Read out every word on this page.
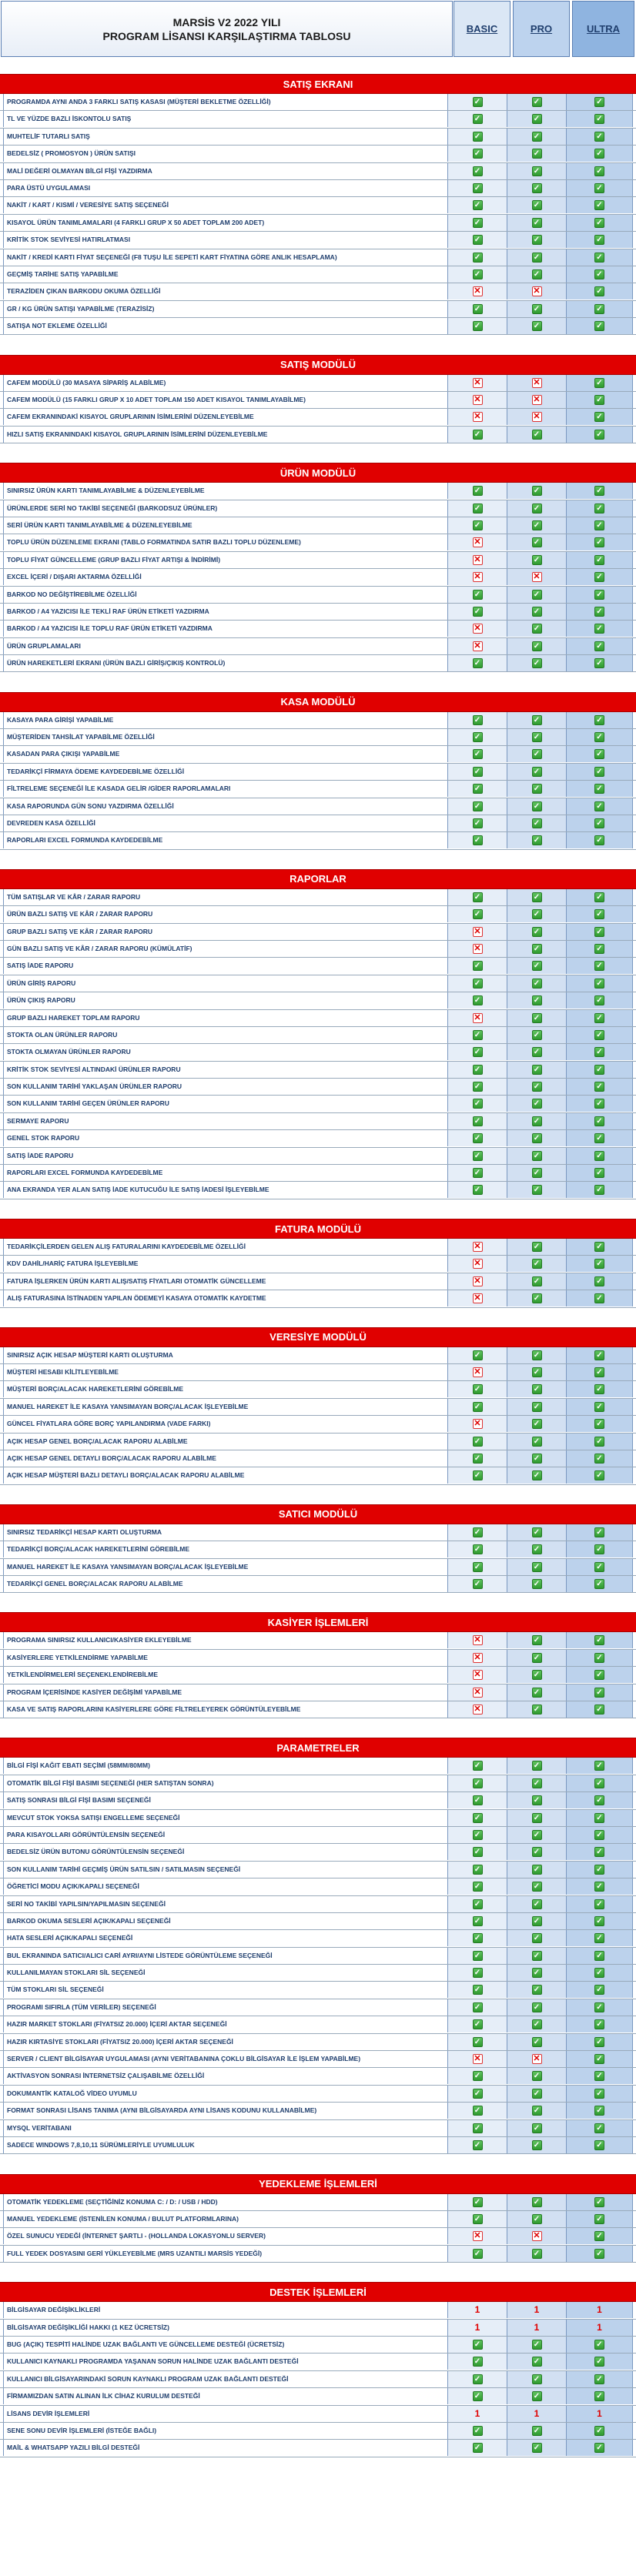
MARSİS V2 2022 YILI
PROGRAM LİSANSI KARŞILAŞTIRMA TABLOSU
BASIC	PRO	ULTRA
SATIŞ EKRANI
PROGRAMDA AYNI ANDA 3 FARKLI SATIŞ KASASI (MÜŞTERİ BEKLETME ÖZELLİĞİ)	✓	✓	✓
TL VE YÜZDE BAZLI İSKONTOLU SATIŞ	✓	✓	✓
MUHTELİF TUTARLI SATIŞ	✓	✓	✓
BEDELSİZ ( PROMOSYON ) ÜRÜN SATIŞI	✓	✓	✓
MALİ DEĞERİ OLMAYAN BİLGİ FİŞİ YAZDIRMA	✓	✓	✓
PARA ÜSTÜ UYGULAMASI	✓	✓	✓
NAKİT / KART / KISMİ / VERESİYE SATIŞ SEÇENEĞİ	✓	✓	✓
KISAYOL ÜRÜN TANIMLAMALARI (4 FARKLI GRUP X 50 ADET TOPLAM 200 ADET)	✓	✓	✓
KRİTİK STOK SEVİYESİ HATIRLATMASI	✓	✓	✓
NAKİT / KREDİ KARTI FİYAT SEÇENEĞİ (F8 TUŞU İLE SEPETİ KART FİYATINA GÖRE ANLIK HESAPLAMA)	✓	✓	✓
GEÇMİŞ TARİHE SATIŞ YAPABİLME	✓	✓	✓
TERAZİDEN ÇIKAN BARKODU OKUMA ÖZELLİĞİ	✕	✕	✓
GR / KG ÜRÜN SATIŞI YAPABİLME (TERAZİSİZ)	✓	✓	✓
SATIŞA NOT EKLEME ÖZELLİĞİ	✓	✓	✓
SATIŞ MODÜLÜ
CAFEM MODÜLÜ (30 MASAYA SİPARİŞ ALABİLME)	✕	✕	✓
CAFEM MODÜLÜ (15 FARKLI GRUP X 10 ADET TOPLAM 150 ADET KISAYOL TANIMLAYABİLME)	✕	✕	✓
CAFEM EKRANINDAKİ KISAYOL GRUPLARININ İSİMLERİNİ DÜZENLEYEBİLME	✕	✕	✓
HIZLI SATIŞ EKRANINDAKİ KISAYOL GRUPLARININ İSİMLERİNİ DÜZENLEYEBİLME	✓	✓	✓
ÜRÜN MODÜLÜ
SINIRSIZ ÜRÜN KARTI TANIMLAYABİLME & DÜZENLEYEBİLME	✓	✓	✓
ÜRÜNLERDE SERİ NO TAKİBİ SEÇENEĞİ (BARKODSUZ ÜRÜNLER)	✓	✓	✓
SERİ ÜRÜN KARTI TANIMLAYABİLME & DÜZENLEYEBİLME	✓	✓	✓
TOPLU ÜRÜN DÜZENLEME EKRANI (TABLO FORMATINDA SATIR BAZLI TOPLU DÜZENLEME)	✕	✓	✓
TOPLU FİYAT GÜNCELLEME (GRUP BAZLI FİYAT ARTIŞI & İNDİRİMİ)	✕	✓	✓
EXCEL İÇERİ / DIŞARI AKTARMA ÖZELLİĞİ	✕	✕	✓
BARKOD NO DEĞİŞTİREBİLME ÖZELLİĞİ	✓	✓	✓
BARKOD / A4 YAZICISI İLE TEKLİ RAF ÜRÜN ETİKETİ YAZDIRMA	✓	✓	✓
BARKOD / A4 YAZICISI İLE TOPLU RAF ÜRÜN ETİKETİ YAZDIRMA	✕	✓	✓
ÜRÜN GRUPLAMALARI	✕	✓	✓
ÜRÜN HAREKETLERİ EKRANI (ÜRÜN BAZLI GİRİŞ/ÇIKIŞ KONTROLÜ)	✓	✓	✓
KASA MODÜLÜ
KASAYA PARA GİRİŞİ YAPABİLME	✓	✓	✓
MÜŞTERİDEN TAHSİLAT YAPABİLME ÖZELLİĞİ	✓	✓	✓
KASADAN PARA ÇIKIŞI YAPABİLME	✓	✓	✓
TEDARİKÇİ FİRMAYA ÖDEME KAYDEDEBİLME ÖZELLİĞİ	✓	✓	✓
FİLTRELEME SEÇENEĞİ İLE KASADA GELİR /GİDER RAPORLAMALARI	✓	✓	✓
KASA RAPORUNDA GÜN SONU YAZDIRMA ÖZELLİĞİ	✓	✓	✓
DEVREDEN KASA ÖZELLİĞİ	✓	✓	✓
RAPORLARI EXCEL FORMUNDA KAYDEDEBİLME	✓	✓	✓
RAPORLAR
TÜM SATIŞLAR VE KÂR / ZARAR RAPORU	✓	✓	✓
ÜRÜN BAZLI SATIŞ VE KÂR / ZARAR RAPORU	✓	✓	✓
GRUP BAZLI SATIŞ VE KÂR / ZARAR RAPORU	✕	✓	✓
GÜN BAZLI SATIŞ VE KÂR / ZARAR RAPORU (KÜMÜLATİF)	✕	✓	✓
SATIŞ İADE RAPORU	✓	✓	✓
ÜRÜN GİRİŞ RAPORU	✓	✓	✓
ÜRÜN ÇIKIŞ RAPORU	✓	✓	✓
GRUP BAZLI HAREKET TOPLAM RAPORU	✕	✓	✓
STOKTA OLAN ÜRÜNLER RAPORU	✓	✓	✓
STOKTA OLMAYAN ÜRÜNLER RAPORU	✓	✓	✓
KRİTİK STOK SEVİYESİ ALTINDAKİ ÜRÜNLER RAPORU	✓	✓	✓
SON KULLANIM TARİHİ YAKLAŞAN ÜRÜNLER RAPORU	✓	✓	✓
SON KULLANIM TARİHİ GEÇEN ÜRÜNLER RAPORU	✓	✓	✓
SERMAYE RAPORU	✓	✓	✓
GENEL STOK RAPORU	✓	✓	✓
SATIŞ İADE RAPORU	✓	✓	✓
RAPORLARI EXCEL FORMUNDA KAYDEDEBİLME	✓	✓	✓
ANA EKRANDA YER ALAN SATIŞ İADE KUTUCUĞU İLE SATIŞ İADESİ İŞLEYEBİLME	✓	✓	✓
FATURA MODÜLÜ
TEDARİKÇİLERDEN GELEN ALIŞ FATURALARINI KAYDEDEBİLME ÖZELLİĞİ	✕	✓	✓
KDV DAHİL/HARİÇ FATURA İŞLEYEBİLME	✕	✓	✓
FATURA İŞLERKEN ÜRÜN KARTI ALIŞ/SATIŞ FİYATLARI OTOMATİK GÜNCELLEME	✕	✓	✓
ALIŞ FATURASINA İSTİNADEN YAPILAN ÖDEMEYİ KASAYA OTOMATİK KAYDETME	✕	✓	✓
VERESİYE MODÜLÜ
SINIRSIZ AÇIK HESAP MÜŞTERİ KARTI OLUŞTURMA	✓	✓	✓
MÜŞTERİ HESABI KİLİTLEYEBİLME	✕	✓	✓
MÜŞTERİ BORÇ/ALACAK HAREKETLERİNİ GÖREBİLME	✓	✓	✓
MANUEL HAREKET İLE KASAYA YANSIMAYAN BORÇ/ALACAK İŞLEYEBİLME	✓	✓	✓
GÜNCEL FİYATLARA GÖRE BORÇ YAPILANDIRMA (VADE FARKI)	✕	✓	✓
AÇIK HESAP GENEL BORÇ/ALACAK RAPORU ALABİLME	✓	✓	✓
AÇIK HESAP GENEL DETAYLI BORÇ/ALACAK RAPORU ALABİLME	✓	✓	✓
AÇIK HESAP MÜŞTERİ BAZLI DETAYLI BORÇ/ALACAK RAPORU ALABİLME	✓	✓	✓
SATICI MODÜLÜ
SINIRSIZ TEDARİKÇİ HESAP KARTI OLUŞTURMA	✓	✓	✓
TEDARİKÇİ BORÇ/ALACAK HAREKETLERİNİ GÖREBİLME	✓	✓	✓
MANUEL HAREKET İLE KASAYA YANSIMAYAN BORÇ/ALACAK İŞLEYEBİLME	✓	✓	✓
TEDARİKÇİ GENEL BORÇ/ALACAK RAPORU ALABİLME	✓	✓	✓
KASİYER İŞLEMLERİ
PROGRAMA SINIRSIZ KULLANICI/KASİYER EKLEYEBİLME	✕	✓	✓
KASİYERLERE YETKİLENDİRME YAPABİLME	✕	✓	✓
YETKİLENDİRMELERİ SEÇENEKLENDİREBİLME	✕	✓	✓
PROGRAM İÇERİSİNDE KASİYER DEĞİŞİMİ YAPABİLME	✕	✓	✓
KASA VE SATIŞ RAPORLARINI KASİYERLERE GÖRE FİLTRELEYEREK GÖRÜNTÜLEYEBİLME	✕	✓	✓
PARAMETRELER
BİLGİ FİŞİ KAĞIT EBATI SEÇİMİ (58MM/80MM)	✓	✓	✓
OTOMATİK BİLGİ FİŞİ BASIMI SEÇENEĞİ (HER SATIŞTAN SONRA)	✓	✓	✓
SATIŞ SONRASI BİLGİ FİŞİ BASIMI SEÇENEĞİ	✓	✓	✓
MEVCUT STOK YOKSA SATIŞI ENGELLEME SEÇENEĞİ	✓	✓	✓
PARA KISAYOLLARI GÖRÜNTÜLENSİN SEÇENEĞİ	✓	✓	✓
BEDELSİZ ÜRÜN BUTONU GÖRÜNTÜLENSİN SEÇENEĞİ	✓	✓	✓
SON KULLANIM TARİHİ GEÇMİŞ ÜRÜN SATILSIN / SATILMASIN SEÇENEĞİ	✓	✓	✓
ÖĞRETİCİ MODU AÇIK/KAPALI SEÇENEĞİ	✓	✓	✓
SERİ NO TAKİBİ YAPILSIN/YAPILMASIN SEÇENEĞİ	✓	✓	✓
BARKOD OKUMA SESLERİ AÇIK/KAPALI SEÇENEĞİ	✓	✓	✓
HATA SESLERİ AÇIK/KAPALI SEÇENEĞİ	✓	✓	✓
BUL EKRANINDA SATICI/ALICI CARİ AYRI/AYNI LİSTEDE GÖRÜNTÜLEME SEÇENEĞİ	✓	✓	✓
KULLANILMAYAN STOKLARI SİL SEÇENEĞİ	✓	✓	✓
TÜM STOKLARI SİL SEÇENEĞİ	✓	✓	✓
PROGRAMI SIFIRLA (TÜM VERİLER) SEÇENEĞİ	✓	✓	✓
HAZIR MARKET STOKLARI (FİYATSIZ 20.000) İÇERİ AKTAR SEÇENEĞİ	✓	✓	✓
HAZIR KIRTASİYE STOKLARI (FİYATSIZ 20.000) İÇERİ AKTAR SEÇENEĞİ	✓	✓	✓
SERVER / CLIENT BİLGİSAYAR UYGULAMASI (AYNI VERİTABANINA ÇOKLU BİLGİSAYAR İLE İŞLEM YAPABİLME)	✕	✕	✓
AKTİVASYON SONRASI İNTERNETSİZ ÇALIŞABİLME ÖZELLİĞİ	✓	✓	✓
DOKUMANTİK KATALOĞ VİDEO UYUMLU	✓	✓	✓
FORMAT SONRASI LİSANS TANIMA (AYNI BİLGİSAYARDA AYNI LİSANS KODUNU KULLANABİLME)	✓	✓	✓
MYSQL VERİTABANI	✓	✓	✓
SADECE WINDOWS 7,8,10,11 SÜRÜMLERİYLE UYUMLULUK	✓	✓	✓
YEDEKLEME İŞLEMLERİ
OTOMATİK YEDEKLEME (SEÇTİĞİNİZ KONUMA C: / D: / USB / HDD)	✓	✓	✓
MANUEL YEDEKLEME (İSTENİLEN KONUMA / BULUT PLATFORMLARINA)	✓	✓	✓
ÖZEL SUNUCU YEDEĞİ (İNTERNET ŞARTLI - (HOLLANDA LOKASYONLU SERVER)	✕	✕	✓
FULL YEDEK DOSYASINI GERİ YÜKLEYEBİLME (MRS UZANTILI MARSİS YEDEĞİ)	✓	✓	✓
DESTEK İŞLEMLERİ
BİLGİSAYAR DEĞİŞİKLİKLERİ	1	1	1
BİLGİSAYAR DEĞİŞİKLİĞİ HAKKI (1 KEZ ÜCRETSİZ)	1	1	1
BUG (AÇIK) TESPİTİ HALİNDE UZAK BAĞLANTI VE GÜNCELLEME DESTEĞİ (ÜCRETSİZ)	✓	✓	✓
KULLANICI KAYNAKLI PROGRAMDA YAŞANAN SORUN HALİNDE UZAK BAĞLANTI DESTEĞİ	✓	✓	✓
KULLANICI BİLGİSAYARINDAKİ SORUN KAYNAKLI PROGRAM UZAK BAĞLANTI DESTEĞİ	✓	✓	✓
FİRMAMIZDAN SATIN ALINAN İLK CİHAZ KURULUM DESTEĞİ	✓	✓	✓
LİSANS DEVİR İŞLEMLERİ	1	1	1
SENE SONU DEVİR İŞLEMLERİ (İSTEĞE BAĞLI)	✓	✓	✓
MAİL & WHATSAPP YAZILI BİLGİ DESTEĞİ	✓	✓	✓
